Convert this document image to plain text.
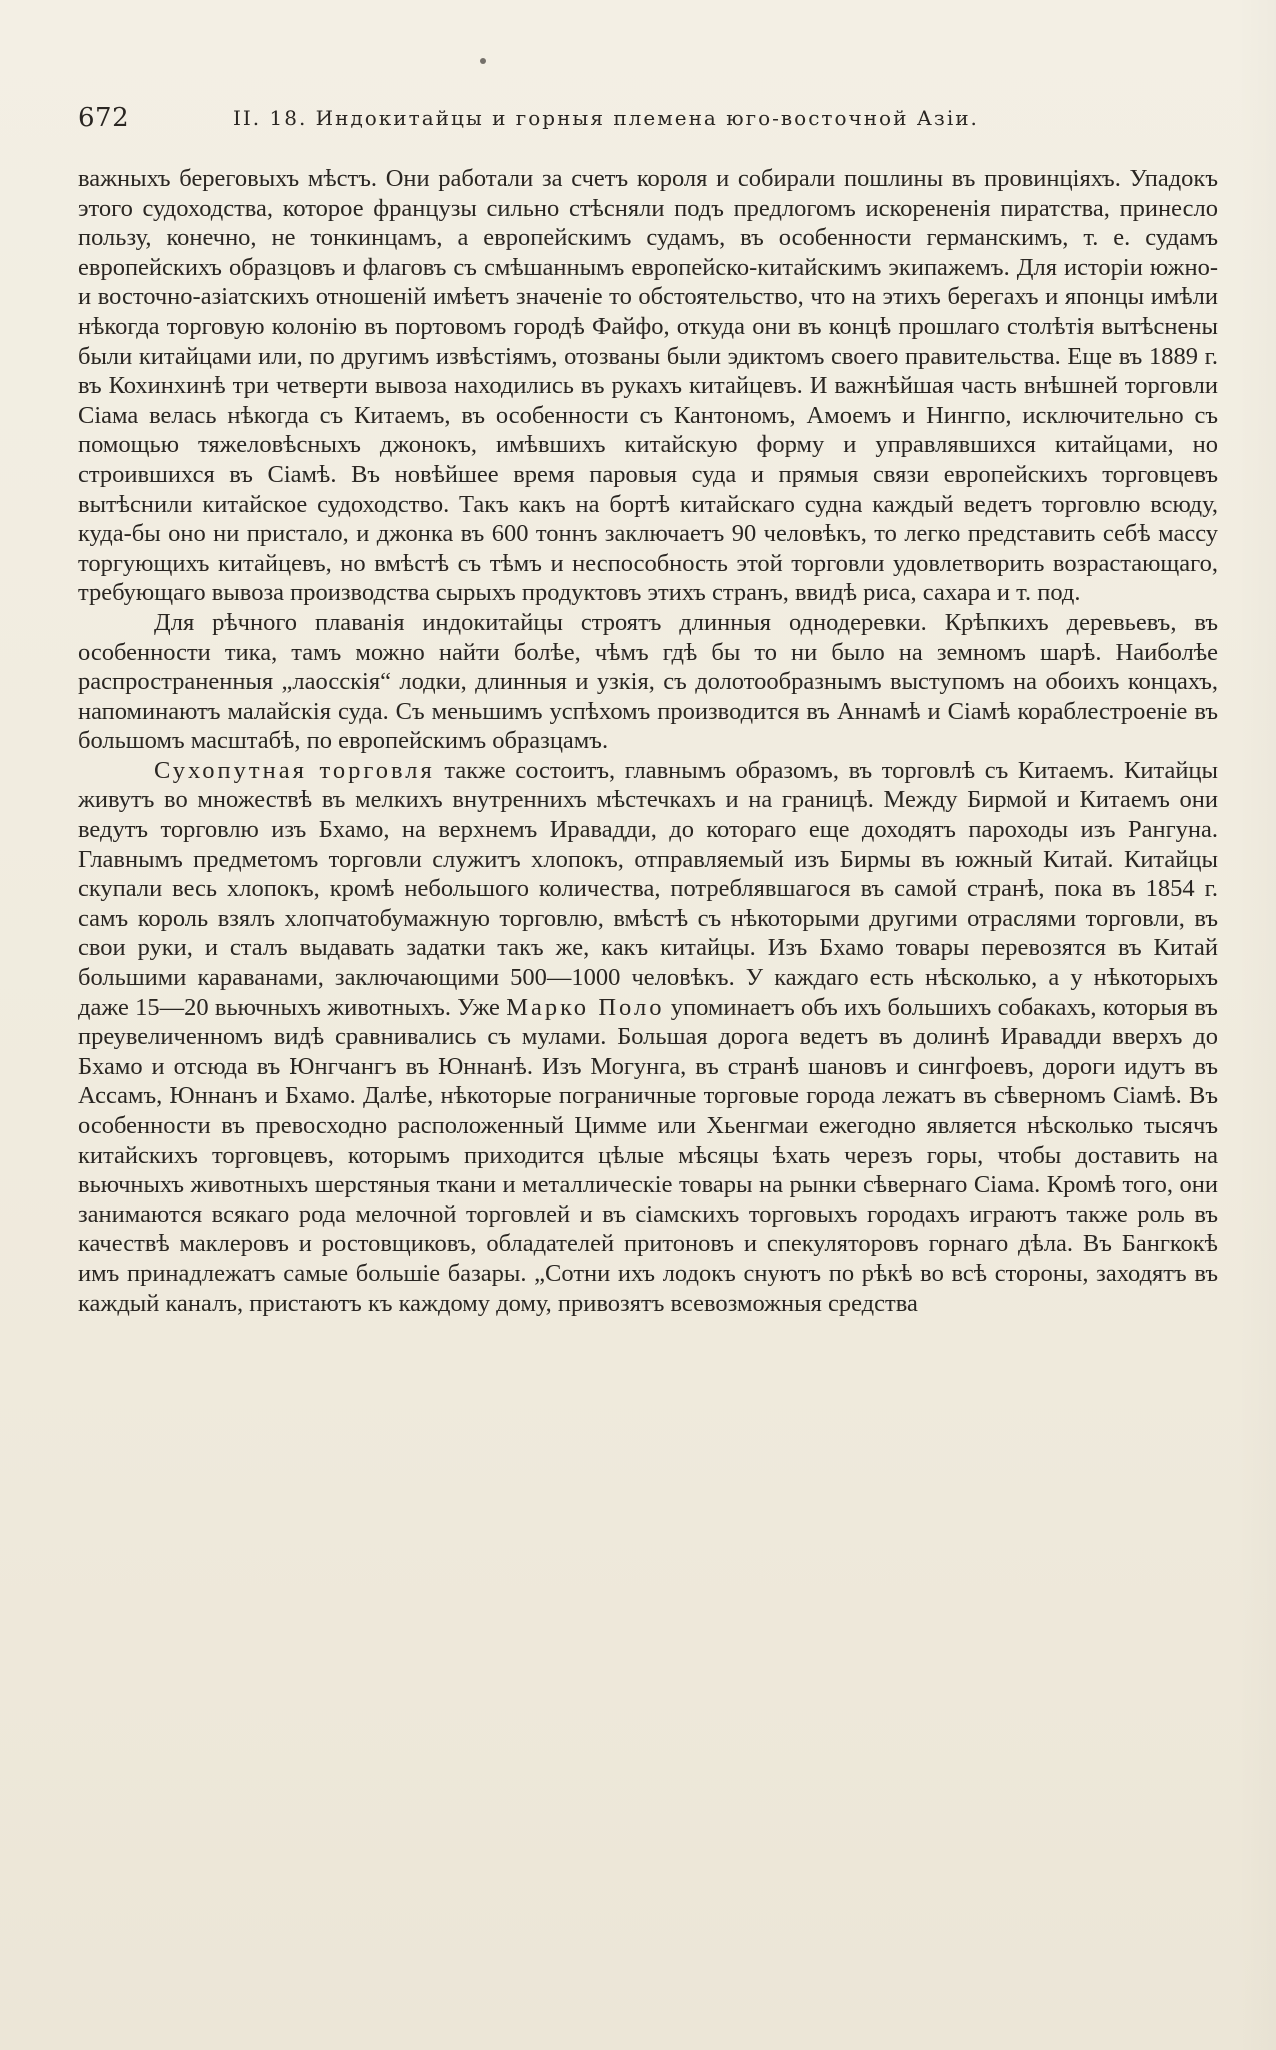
672	II. 18. Индокитайцы и горныя племена юго-восточной Азіи.

важныхъ береговыхъ мѣстъ. Они работали за счетъ короля и собирали пошлины въ провинціяхъ. Упадокъ этого судоходства, которое французы сильно стѣсняли подъ предлогомъ искорененія пиратства, принесло пользу, конечно, не тонкинцамъ, а европейскимъ судамъ, въ особенности германскимъ, т. е. судамъ европейскихъ образцовъ и флаговъ съ смѣшаннымъ европейско-китайскимъ экипажемъ. Для исторіи южно- и восточно-азіатскихъ отношеній имѣетъ значеніе то обстоятельство, что на этихъ берегахъ и японцы имѣли нѣкогда торговую колонію въ портовомъ городѣ Файфо, откуда они въ концѣ прошлаго столѣтія вытѣснены были китайцами или, по другимъ извѣстіямъ, отозваны были эдиктомъ своего правительства. Еще въ 1889 г. въ Кохинхинѣ три четверти вывоза находились въ рукахъ китайцевъ. И важнѣйшая часть внѣшней торговли Сіама велась нѣкогда съ Китаемъ, въ особенности съ Кантономъ, Амоемъ и Нингпо, исключительно съ помощью тяжеловѣсныхъ джонокъ, имѣвшихъ китайскую форму и управлявшихся китайцами, но строившихся въ Сіамѣ. Въ новѣйшее время паровыя суда и прямыя связи европейскихъ торговцевъ вытѣснили китайское судоходство. Такъ какъ на бортѣ китайскаго судна каждый ведетъ торговлю всюду, куда-бы оно ни пристало, и джонка въ 600 тоннъ заключаетъ 90 человѣкъ, то легко представить себѣ массу торгующихъ китайцевъ, но вмѣстѣ съ тѣмъ и неспособность этой торговли удовлетворить возрастающаго, требующаго вывоза производства сырыхъ продуктовъ этихъ странъ, ввидѣ риса, сахара и т. под.

Для рѣчного плаванія индокитайцы строятъ длинныя однодеревки. Крѣпкихъ деревьевъ, въ особенности тика, тамъ можно найти болѣе, чѣмъ гдѣ бы то ни было на земномъ шарѣ. Наиболѣе распространенныя „лаосскія“ лодки, длинныя и узкія, съ долотообразнымъ выступомъ на обоихъ концахъ, напоминаютъ малайскія суда. Съ меньшимъ успѣхомъ производится въ Аннамѣ и Сіамѣ кораблестроеніе въ большомъ масштабѣ, по европейскимъ образцамъ.

Сухопутная торговля также состоитъ, главнымъ образомъ, въ торговлѣ съ Китаемъ. Китайцы живутъ во множествѣ въ мелкихъ внутреннихъ мѣстечкахъ и на границѣ. Между Бирмой и Китаемъ они ведутъ торговлю изъ Бхамо, на верхнемъ Иравадди, до котораго еще доходятъ пароходы изъ Рангуна. Главнымъ предметомъ торговли служитъ хлопокъ, отправляемый изъ Бирмы въ южный Китай. Китайцы скупали весь хлопокъ, кромѣ небольшого количества, потреблявшагося въ самой странѣ, пока въ 1854 г. самъ король взялъ хлопчатобумажную торговлю, вмѣстѣ съ нѣкоторыми другими отраслями торговли, въ свои руки, и сталъ выдавать задатки такъ же, какъ китайцы. Изъ Бхамо товары перевозятся въ Китай большими караванами, заключающими 500—1000 человѣкъ. У каждаго есть нѣсколько, а у нѣкоторыхъ даже 15—20 вьючныхъ животныхъ. Уже Марко Поло упоминаетъ объ ихъ большихъ собакахъ, которыя въ преувеличенномъ видѣ сравнивались съ мулами. Большая дорога ведетъ въ долинѣ Иравадди вверхъ до Бхамо и отсюда въ Юнгчангъ въ Юннанѣ. Изъ Могунга, въ странѣ шановъ и сингфоевъ, дороги идутъ въ Ассамъ, Юннанъ и Бхамо. Далѣе, нѣкоторые пограничные торговые города лежатъ въ сѣверномъ Сіамѣ. Въ особенности въ превосходно расположенный Цимме или Хьенгмаи ежегодно является нѣсколько тысячъ китайскихъ торговцевъ, которымъ приходится цѣлые мѣсяцы ѣхать черезъ горы, чтобы доставить на вьючныхъ животныхъ шерстяныя ткани и металлическіе товары на рынки сѣвернаго Сіама. Кромѣ того, они занимаются всякаго рода мелочной торговлей и въ сіамскихъ торговыхъ городахъ играютъ также роль въ качествѣ маклеровъ и ростовщиковъ, обладателей притоновъ и спекуляторовъ горнаго дѣла. Въ Бангкокѣ имъ принадлежатъ самые большіе базары. „Сотни ихъ лодокъ снуютъ по рѣкѣ во всѣ стороны, заходятъ въ каждый каналъ, пристаютъ къ каждому дому, привозятъ всевозможныя средства
